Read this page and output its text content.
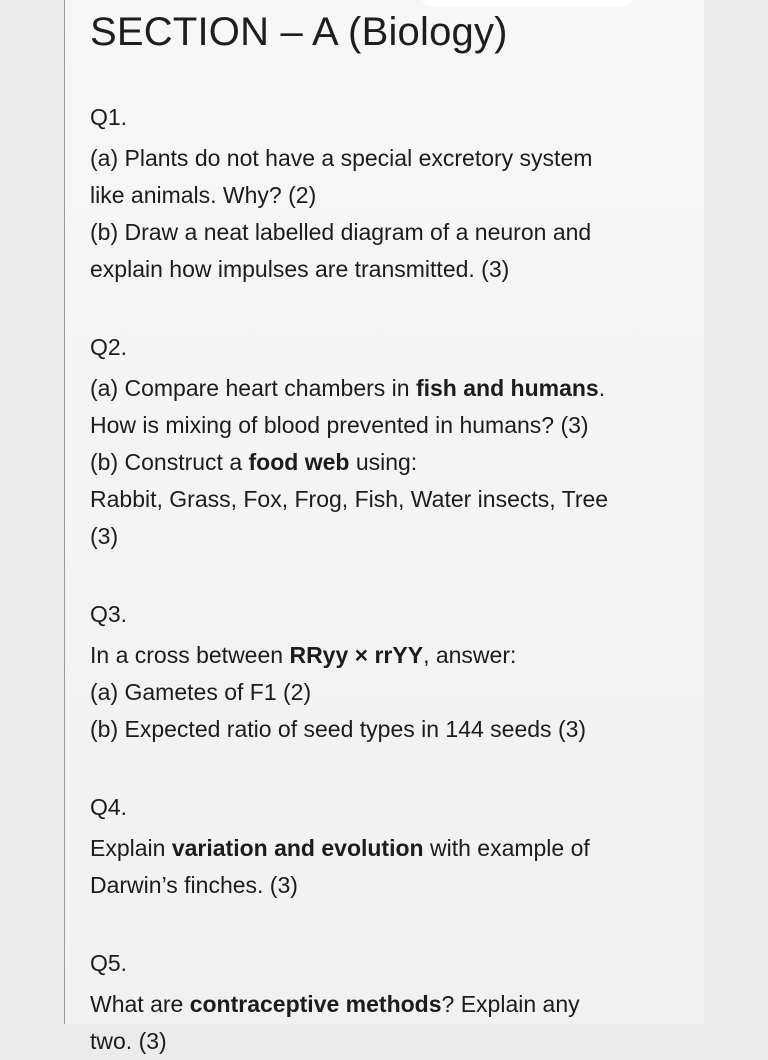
SECTION – A (Biology)
Q1.
(a) Plants do not have a special excretory system
like animals. Why? (2)
(b) Draw a neat labelled diagram of a neuron and
explain how impulses are transmitted. (3)
Q2.
(a) Compare heart chambers in fish and humans.
How is mixing of blood prevented in humans? (3)
(b) Construct a food web using:
Rabbit, Grass, Fox, Frog, Fish, Water insects, Tree
(3)
Q3.
In a cross between RRyy × rrYY, answer:
(a) Gametes of F1 (2)
(b) Expected ratio of seed types in 144 seeds (3)
Q4.
Explain variation and evolution with example of
Darwin’s finches. (3)
Q5.
What are contraceptive methods? Explain any
two. (3)
